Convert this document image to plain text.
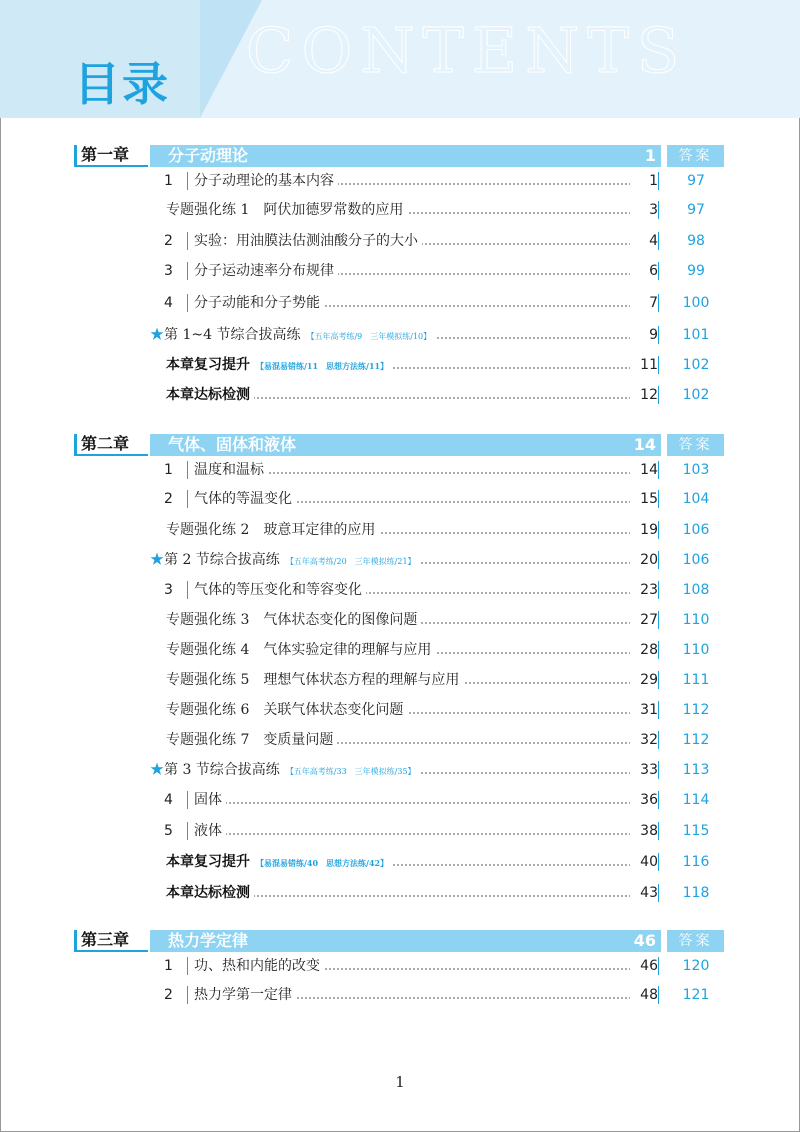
CONTENTS
目录
第一章	分子动理论	1	答案
1	分子动理论的基本内容	1	97
专题强化练 1　阿伏加德罗常数的应用	3	97
2	实验：用油膜法估测油酸分子的大小	4	98
3	分子运动速率分布规律	6	99
4	分子动能和分子势能	7	100
★第 1~4 节综合拔高练 【五年高考练/9　三年模拟练/10】	9	101
本章复习提升 【易混易错练/11　思想方法练/11】	11	102
本章达标检测	12	102
第二章	气体、固体和液体	14	答案
1	温度和温标	14	103
2	气体的等温变化	15	104
专题强化练 2　玻意耳定律的应用	19	106
★第 2 节综合拔高练 【五年高考练/20　三年模拟练/21】	20	106
3	气体的等压变化和等容变化	23	108
专题强化练 3　气体状态变化的图像问题	27	110
专题强化练 4　气体实验定律的理解与应用	28	110
专题强化练 5　理想气体状态方程的理解与应用	29	111
专题强化练 6　关联气体状态变化问题	31	112
专题强化练 7　变质量问题	32	112
★第 3 节综合拔高练 【五年高考练/33　三年模拟练/35】	33	113
4	固体	36	114
5	液体	38	115
本章复习提升 【易混易错练/40　思想方法练/42】	40	116
本章达标检测	43	118
第三章	热力学定律	46	答案
1	功、热和内能的改变	46	120
2	热力学第一定律	48	121
1
